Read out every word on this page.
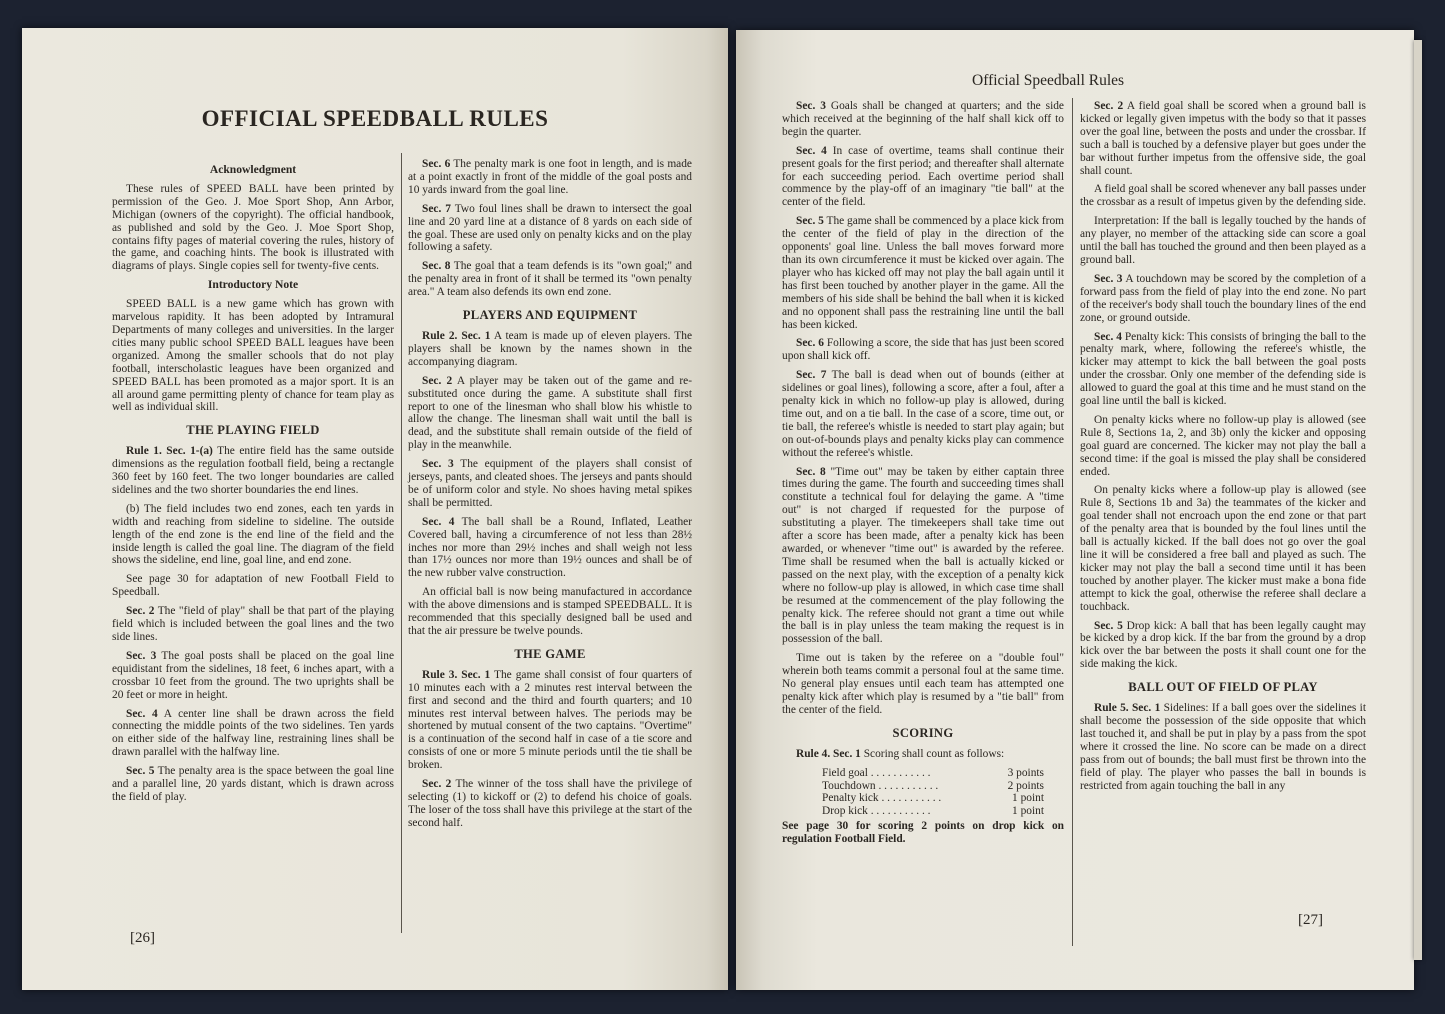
OFFICIAL SPEEDBALL RULES
Acknowledgment

These rules of SPEED BALL have been printed by permission of the Geo. J. Moe Sport Shop, Ann Arbor, Michigan (owners of the copyright). The official handbook, as published and sold by the Geo. J. Moe Sport Shop, contains fifty pages of material covering the rules, history of the game, and coaching hints. The book is illustrated with diagrams of plays. Single copies sell for twenty-five cents.

Introductory Note

SPEED BALL is a new game which has grown with marvelous rapidity. It has been adopted by Intramural Departments of many colleges and universities. In the larger cities many public school SPEED BALL leagues have been organized. Among the smaller schools that do not play football, interscholastic leagues have been organized and SPEED BALL has been promoted as a major sport. It is an all around game permitting plenty of chance for team play as well as individual skill.

THE PLAYING FIELD

Rule 1. Sec. 1-(a) The entire field has the same outside dimensions as the regulation football field, being a rectangle 360 feet by 160 feet. The two longer boundaries are called sidelines and the two shorter boundaries the end lines.

(b) The field includes two end zones, each ten yards in width and reaching from sideline to sideline. The outside length of the end zone is the end line of the field and the inside length is called the goal line. The diagram of the field shows the sideline, end line, goal line, and end zone.

See page 30 for adaptation of new Football Field to Speedball.

Sec. 2 The "field of play" shall be that part of the playing field which is included between the goal lines and the two side lines.

Sec. 3 The goal posts shall be placed on the goal line equidistant from the sidelines, 18 feet, 6 inches apart, with a crossbar 10 feet from the ground. The two uprights shall be 20 feet or more in height.

Sec. 4 A center line shall be drawn across the field connecting the middle points of the two sidelines. Ten yards on either side of the halfway line, restraining lines shall be drawn parallel with the halfway line.

Sec. 5 The penalty area is the space between the goal line and a parallel line, 20 yards distant, which is drawn across the field of play.

Sec. 6 The penalty mark is one foot in length, and is made at a point exactly in front of the middle of the goal posts and 10 yards inward from the goal line.

Sec. 7 Two foul lines shall be drawn to intersect the goal line and 20 yard line at a distance of 8 yards on each side of the goal. These are used only on penalty kicks and on the play following a safety.

Sec. 8 The goal that a team defends is its "own goal;" and the penalty area in front of it shall be termed its "own penalty area." A team also defends its own end zone.

PLAYERS AND EQUIPMENT

Rule 2. Sec. 1 A team is made up of eleven players. The players shall be known by the names shown in the accompanying diagram.

Sec. 2 A player may be taken out of the game and re-substituted once during the game. A substitute shall first report to one of the linesman who shall blow his whistle to allow the change. The linesman shall wait until the ball is dead, and the substitute shall remain outside of the field of play in the meanwhile.

Sec. 3 The equipment of the players shall consist of jerseys, pants, and cleated shoes. The jerseys and pants should be of uniform color and style. No shoes having metal spikes shall be permitted.

Sec. 4 The ball shall be a Round, Inflated, Leather Covered ball, having a circumference of not less than 28½ inches nor more than 29½ inches and shall weigh not less than 17½ ounces nor more than 19½ ounces and shall be of the new rubber valve construction.

An official ball is now being manufactured in accordance with the above dimensions and is stamped SPEEDBALL. It is recommended that this specially designed ball be used and that the air pressure be twelve pounds.

THE GAME

Rule 3. Sec. 1 The game shall consist of four quarters of 10 minutes each with a 2 minutes rest interval between the first and second and the third and fourth quarters; and 10 minutes rest interval between halves. The periods may be shortened by mutual consent of the two captains. "Overtime" is a continuation of the second half in case of a tie score and consists of one or more 5 minute periods until the tie shall be broken.

Sec. 2 The winner of the toss shall have the privilege of selecting (1) to kickoff or (2) to defend his choice of goals. The loser of the toss shall have this privilege at the start of the second half.

[26]
Official Speedball Rules

Sec. 3 Goals shall be changed at quarters; and the side which received at the beginning of the half shall kick off to begin the quarter.

Sec. 4 In case of overtime, teams shall continue their present goals for the first period; and thereafter shall alternate for each succeeding period. Each overtime period shall commence by the play-off of an imaginary "tie ball" at the center of the field.

Sec. 5 The game shall be commenced by a place kick from the center of the field of play in the direction of the opponents' goal line. Unless the ball moves forward more than its own circumference it must be kicked over again. The player who has kicked off may not play the ball again until it has first been touched by another player in the game. All the members of his side shall be behind the ball when it is kicked and no opponent shall pass the restraining line until the ball has been kicked.

Sec. 6 Following a score, the side that has just been scored upon shall kick off.

Sec. 7 The ball is dead when out of bounds (either at sidelines or goal lines), following a score, after a foul, after a penalty kick in which no follow-up play is allowed, during time out, and on a tie ball. In the case of a score, time out, or tie ball, the referee's whistle is needed to start play again; but on out-of-bounds plays and penalty kicks play can commence without the referee's whistle.

Sec. 8 "Time out" may be taken by either captain three times during the game. The fourth and succeeding times shall constitute a technical foul for delaying the game. A "time out" is not charged if requested for the purpose of substituting a player. The timekeepers shall take time out after a score has been made, after a penalty kick has been awarded, or whenever "time out" is awarded by the referee. Time shall be resumed when the ball is actually kicked or passed on the next play, with the exception of a penalty kick where no follow-up play is allowed, in which case time shall be resumed at the commencement of the play following the penalty kick. The referee should not grant a time out while the ball is in play unless the team making the request is in possession of the ball.

Time out is taken by the referee on a "double foul" wherein both teams commit a personal foul at the same time. No general play ensues until each team has attempted one penalty kick after which play is resumed by a "tie ball" from the center of the field.

SCORING

Rule 4. Sec. 1 Scoring shall count as follows:

Field goal . . . . . . . . . . .	3 points
Touchdown . . . . . . . . . . .	2 points
Penalty kick . . . . . . . . . . .	1 point
Drop kick . . . . . . . . . . .	1 point

See page 30 for scoring 2 points on drop kick on regulation Football Field.

Sec. 2 A field goal shall be scored when a ground ball is kicked or legally given impetus with the body so that it passes over the goal line, between the posts and under the crossbar. If such a ball is touched by a defensive player but goes under the bar without further impetus from the offensive side, the goal shall count.

A field goal shall be scored whenever any ball passes under the crossbar as a result of impetus given by the defending side.

Interpretation: If the ball is legally touched by the hands of any player, no member of the attacking side can score a goal until the ball has touched the ground and then been played as a ground ball.

Sec. 3 A touchdown may be scored by the completion of a forward pass from the field of play into the end zone. No part of the receiver's body shall touch the boundary lines of the end zone, or ground outside.

Sec. 4 Penalty kick: This consists of bringing the ball to the penalty mark, where, following the referee's whistle, the kicker may attempt to kick the ball between the goal posts under the crossbar. Only one member of the defending side is allowed to guard the goal at this time and he must stand on the goal line until the ball is kicked.

On penalty kicks where no follow-up play is allowed (see Rule 8, Sections 1a, 2, and 3b) only the kicker and opposing goal guard are concerned. The kicker may not play the ball a second time: if the goal is missed the play shall be considered ended.

On penalty kicks where a follow-up play is allowed (see Rule 8, Sections 1b and 3a) the teammates of the kicker and goal tender shall not encroach upon the end zone or that part of the penalty area that is bounded by the foul lines until the ball is actually kicked. If the ball does not go over the goal line it will be considered a free ball and played as such. The kicker may not play the ball a second time until it has been touched by another player. The kicker must make a bona fide attempt to kick the goal, otherwise the referee shall declare a touchback.

Sec. 5 Drop kick: A ball that has been legally caught may be kicked by a drop kick. If the bar from the ground by a drop kick over the bar between the posts it shall count one for the side making the kick.

BALL OUT OF FIELD OF PLAY

Rule 5. Sec. 1 Sidelines: If a ball goes over the sidelines it shall become the possession of the side opposite that which last touched it, and shall be put in play by a pass from the spot where it crossed the line. No score can be made on a direct pass from out of bounds; the ball must first be thrown into the field of play. The player who passes the ball in bounds is restricted from again touching the ball in any

[27]
